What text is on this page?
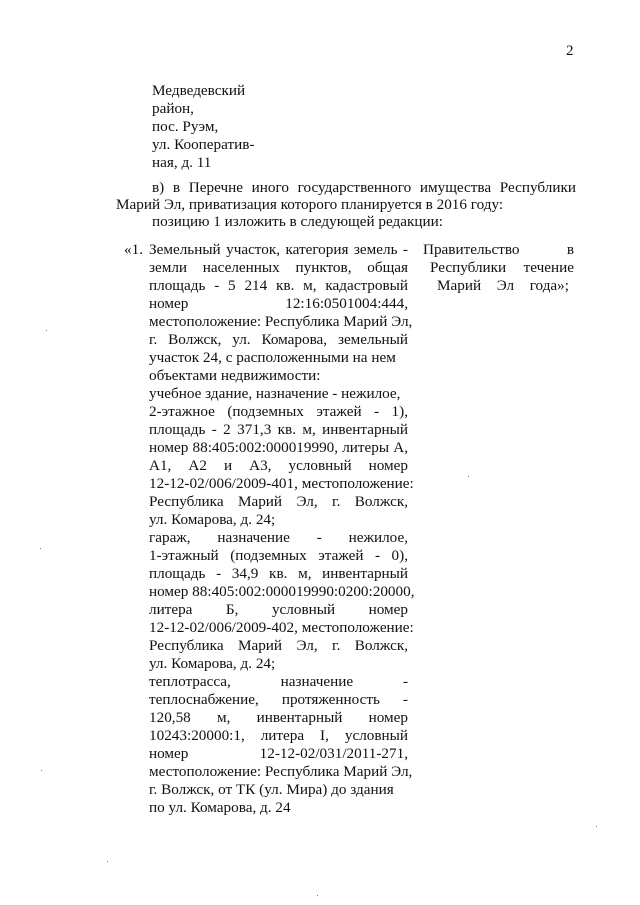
2
Медведевский
район,
пос. Руэм,
ул. Кооператив-
ная, д. 11
в) в Перечне иного государственного имущества Республики
Марий Эл, приватизация которого планируется в 2016 году:
позицию 1 изложить в следующей редакции:
«1. Земельный участок, категория земель -
земли населенных пунктов, общая
площадь - 5 214 кв. м, кадастровый
номер 12:16:0501004:444,
местоположение: Республика Марий Эл,
г. Волжск, ул. Комарова, земельный
участок 24, с расположенными на нем
объектами недвижимости:
учебное здание, назначение - нежилое,
2-этажное (подземных этажей - 1),
площадь - 2 371,3 кв. м, инвентарный
номер 88:405:002:000019990, литеры А,
А1, А2 и А3, условный номер
12-12-02/006/2009-401, местоположение:
Республика Марий Эл, г. Волжск,
ул. Комарова, д. 24;
гараж, назначение - нежилое,
1-этажный (подземных этажей - 0),
площадь - 34,9 кв. м, инвентарный
номер 88:405:002:000019990:0200:20000,
литера Б, условный номер
12-12-02/006/2009-402, местоположение:
Республика Марий Эл, г. Волжск,
ул. Комарова, д. 24;
теплотрасса, назначение -
теплоснабжение, протяженность -
120,58 м, инвентарный номер
10243:20000:1, литера I, условный
номер 12-12-02/031/2011-271,
местоположение: Республика Марий Эл,
г. Волжск, от ТК (ул. Мира) до здания
по ул. Комарова, д. 24
Правительство в
Республики течение
Марий Эл года»;
